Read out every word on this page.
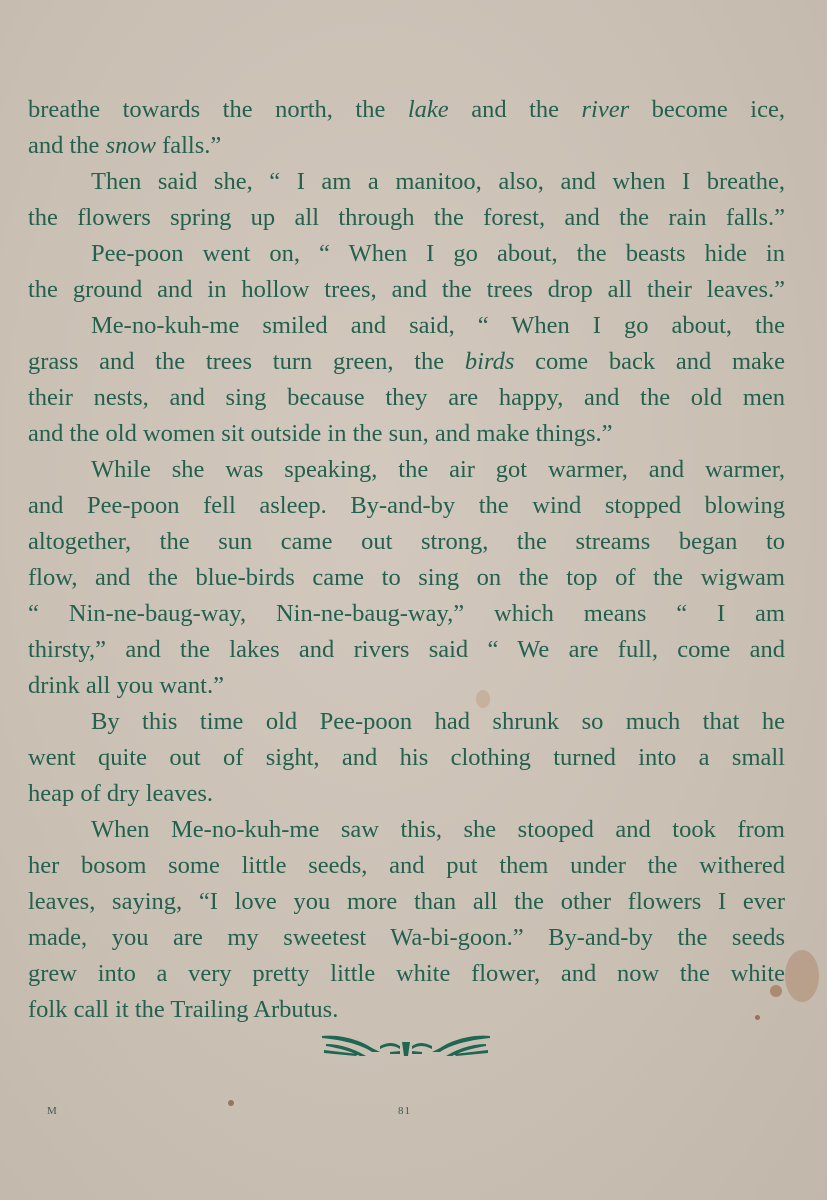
breathe towards the north, the lake and the river become ice,
and the snow falls.”
Then said she, “ I am a manitoo, also, and when I breathe,
the flowers spring up all through the forest, and the rain falls.”
Pee-poon went on, “ When I go about, the beasts hide in
the ground and in hollow trees, and the trees drop all their leaves.”
Me-no-kuh-me smiled and said, “ When I go about, the
grass and the trees turn green, the birds come back and make
their nests, and sing because they are happy, and the old men
and the old women sit outside in the sun, and make things.”
While she was speaking, the air got warmer, and warmer,
and Pee-poon fell asleep. By-and-by the wind stopped blowing
altogether, the sun came out strong, the streams began to
flow, and the blue-birds came to sing on the top of the wigwam
“ Nin-ne-baug-way, Nin-ne-baug-way,” which means “ I am
thirsty,” and the lakes and rivers said “ We are full, come and
drink all you want.”
By this time old Pee-poon had shrunk so much that he
went quite out of sight, and his clothing turned into a small
heap of dry leaves.
When Me-no-kuh-me saw this, she stooped and took from
her bosom some little seeds, and put them under the withered
leaves, saying, “I love you more than all the other flowers I ever
made, you are my sweetest Wa-bi-goon.” By-and-by the seeds
grew into a very pretty little white flower, and now the white
folk call it the Trailing Arbutus.
M	81
